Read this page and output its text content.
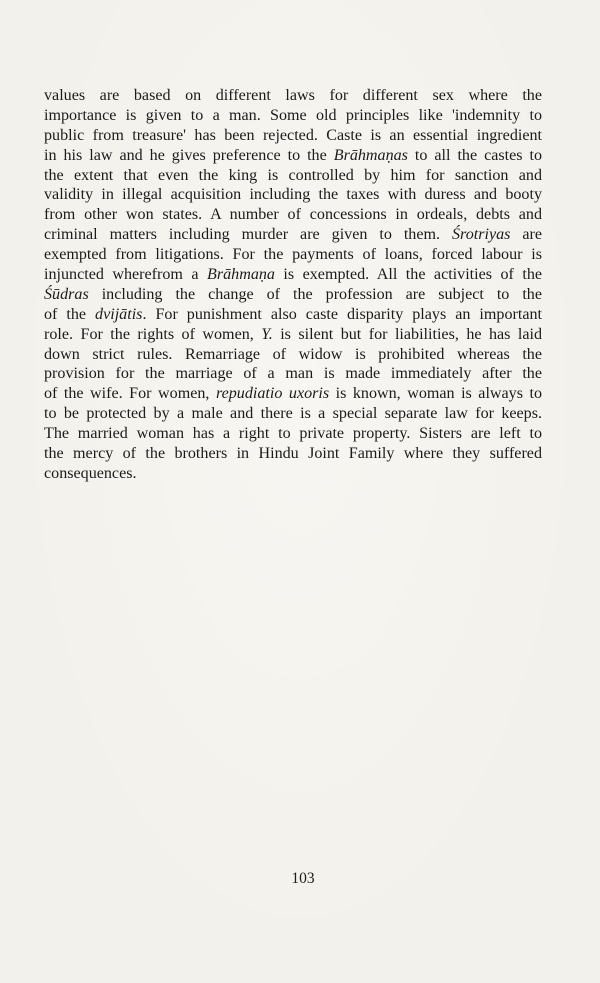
values are based on different laws for different sex where the
importance is given to a man. Some old principles like 'indemnity to
public from treasure' has been rejected. Caste is an essential ingredient
in his law and he gives preference to the Brāhmaṇas to all the castes to
the extent that even the king is controlled by him for sanction and
validity in illegal acquisition including the taxes with duress and booty
from other won states. A number of concessions in ordeals, debts and
criminal matters including murder are given to them. Śrotriyas are
exempted from litigations. For the payments of loans, forced labour is
injuncted wherefrom a Brāhmaṇa is exempted. All the activities of the
Śūdras including the change of the profession are subject to the
of the dvijātis. For punishment also caste disparity plays an important
role. For the rights of women, Y. is silent but for liabilities, he has laid
down strict rules. Remarriage of widow is prohibited whereas the
provision for the marriage of a man is made immediately after the
of the wife. For women, repudiatio uxoris is known, woman is always to
to be protected by a male and there is a special separate law for keeps.
The married woman has a right to private property. Sisters are left to
the mercy of the brothers in Hindu Joint Family where they suffered
consequences.
103
